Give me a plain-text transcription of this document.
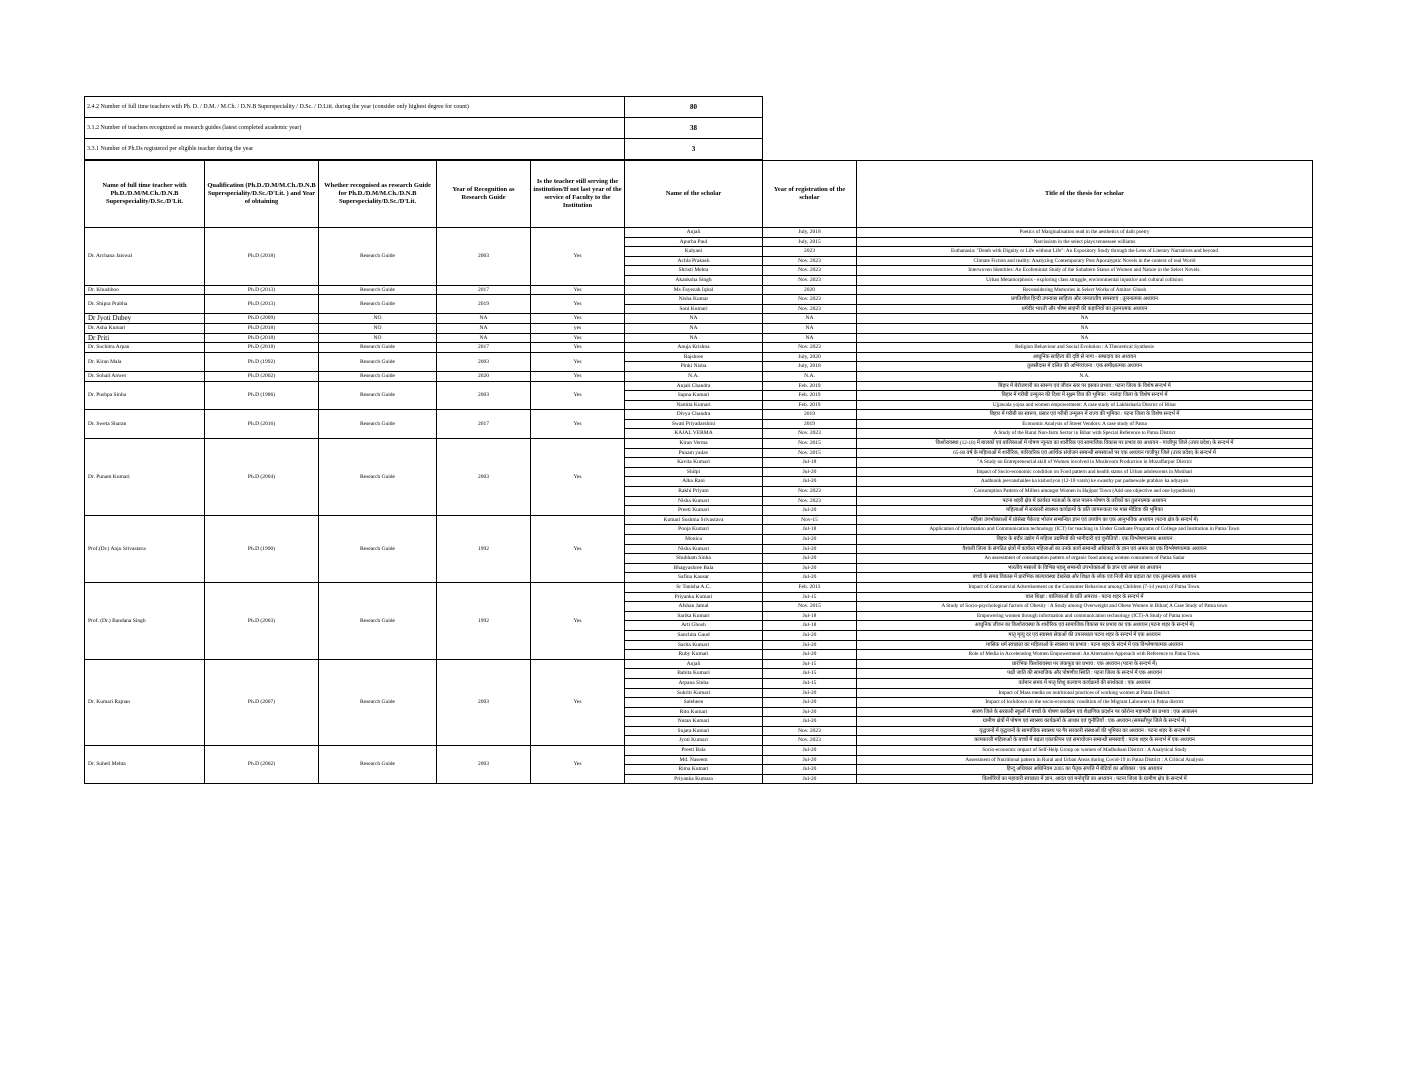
2.4.2 Number of full time teachers with Ph. D. / D.M. / M.Ch. / D.N.B Superspeciality / D.Sc. / D.Litt. during the year (consider only highest degree for count)	80	
3.1.2 Number of teachers recognized as research guides (latest completed academic year)	38	
3.3.1 Number of Ph.Ds registered per eligible teacher during the year	3	
Name of full time teacher with Ph.D./D.M/M.Ch./D.N.B Superspeciality/D.Sc./D'Lit.	Qualification (Ph.D./D.M/M.Ch./D.N.B Superspeciality/D.Sc./D'Lit. ) and Year of obtaining	Whether recognised as research Guide for Ph.D./D.M/M.Ch./D.N.B Superspeciality/D.Sc./D'Lit.	Year of Recognition as Research Guide	Is the teacher still serving the institution/If not last year of the service of Faculty to the Institution	Name of the scholar	Year of registration of the scholar	Title of the thesis for scholar
Dr. Archana Jaiswal	Ph.D (2018)	Research Guide	2003	Yes	Anjali	July, 2018	Poetics of Marginalisation read in the aesthetics of dalit poetry
					Apurba Paul	July, 2015	Narcissism in the select plays tennessee williams
					Kalyani	2023	Euthanasia: "Death with Dignity or Life without Life": An Expository Study through the Lens of Literary Narratives and beyond
					Achla Prakash	Nov. 2023	Climate Fiction and reality: Analyzing Contemporary Post Apocalyptic Novels in the context of real World
					Shristi Mehta	Nov. 2023	Interwoven Identities: An Ecofeminist Study of the Subaltern Status of Women and Nature in the Select Novels.
					Akanksha Singh	Nov. 2023	Urban Metamorphosis - exploring class struggle, environmental injustice and cultural collision
Dr. Khushboo	Ph.D (2013)	Research Guide	2017	Yes	Ms Fayezah Iqbal	2020	Reconsidering Memories in Select Works of Amitav Ghosh
Dr. Shipra Prabha	Ph.D (2013)	Research Guide	2019	Yes	Nisha Kumar	Nov. 2023	प्रगतिशील हिन्दी उपन्यास साहित्य और जनजातीय समस्याएं : तुलनात्मक अध्ययन
					Soni Kumari	Nov. 2023	धर्मवीर भारती और भीष्म साहनी की कहानियों का तुलनात्मक अध्ययन
Dr Jyoti Dubey	Ph.D (2009)	NO	NA	Yes	NA	NA	NA
Dr. Asha Kumari	Ph.D (2018)	NO	NA	yes	NA	NA	NA
Dr Priti	Ph.D (2018)	NO	NA	Yes	NA	NA	NA
Dr. Suchitra Arpan	Ph.D (2018)	Research Guide	2017	Yes	Anuja Krishna	Nov. 2023	Religion Behaviour and Social Evolution : A Theoretical Synthesis
Dr. Kiran Mala	Ph.D (1992)	Research Guide	2003	Yes	Rajshree	July, 2020	आधुनिक साहित्य की दृष्टि से नागा - सम्प्रदाय का अध्ययन
					Pinki Nisha	July, 2018	तुलसीदास में दलित की अभिव्यंजना : एक समीक्षात्मक अध्ययन
Dr. Sohail Anwer	Ph.D (2002)	Research Guide	2020	Yes	N.A.	N.A.	N.A.
Dr. Pushpa Sinha	Ph.D (1986)	Research Guide	2003	Yes	Anjali Chandra	Feb. 2019	बिहार में बेरोजगारी का स्वरूप एवं जीवन स्तर पर इसका प्रभाव : पटना जिला के विशेष सन्दर्भ में
					Sapna Kumari	Feb. 2019	बिहार में गरीबी उन्मूलन की दिशा में सूक्ष्म वित्त की भूमिका : नालंदा जिला के विशेष सन्दर्भ में
					Namita Kumari	Feb. 2019	Ujjawala yojna and women empowerment: A case study of Lakhisharia District of Bihar
Dr. Sweta Sharan	Ph.D (2016)	Research Guide	2017	Yes	Divya Chandra	2019	बिहार में गरीबी का स्वरूप, प्रसार एवं गरीबी उन्मूलन में राज्य की भूमिका : पटना जिला के विशेष सन्दर्भ में
					Swati Priyadarshini	2019	Economic Analysis of Street Vendors: A case study of Patna
					KAJAL VERMA	Nov. 2023	A Study of the Rural Non-farm Sector in Bihar with Special Reference to Patna District
Dr. Punam Kumari	Ph.D (2004)	Research Guide	2003	Yes	Kiran Verma	Nov. 2015	किशोरावस्था (12-18) में बालकों एवं बालिकाओं में पोषण न्यूनता का शारीरिक एवं सामाजिक विकास पर प्रभाव का अध्ययन - गाजीपुर जिले (उत्तर प्रदेश) के सन्दर्भ में
					Punam yadav	Nov. 2015	65-80 वर्ष के महिलाओं में शारीरिक, पारिवारिक एवं आर्थिक संयोजन सम्बन्धी समस्याओं पर एक अध्ययन गाजीपुर जिले (उत्तर प्रदेश) के सन्दर्भ में
					Kavita Kumari	Jul-18	"A Study on Entrepreneurial skill of Women involved in Mushroom Production in Muzaffarpur District
					Shilpi	Jul-20	Impact of Socio-economic condition on Food pattern and health status of Urban adolescents in Motihari
					Alka Rani	Jul-20	Aadhunik jeevanshailee ka kishoriyon (12-18 varsh) ke swasthy par padnewale prabhav ka adyayan
					Rakhi Priyam	Nov. 2023	Consumption Pattern of Millets amongst Women in Hajipur Town (Add one objective and one hypothesis)
					Nisha Kumari	Nov. 2023	पटना शहरी क्षेत्र में कार्यरत माताओं के बाल पालन-पोषण के तरीकों का तुलनात्मक अध्ययन
					Preeti Kumari	Jul-20	महिलाओं में सरकारी स्वास्थ्य कार्यक्रमों के प्रति जागरूकता पर मास मीडिया की भूमिका
Prof.(Dr.) Anju Srivastava	Ph.D (1990)	Research Guide	1992	Yes	Kumari Sushma Srivastava	Nov-15	महिला उपभोक्ताओं में प्रोसेस्ड पैकेज्ड भोजन सम्बन्धित ज्ञान एवं उपयोग का एक आनुभविक अध्ययन (पटना क्षेत्र के सन्दर्भ में)
					Pooja Kumari	Jul-18	Application of Information and Communication technology (ICT) for teaching in Under Graduate Programs of College and Institution in Patna Town
					Monica	Jul-20	बिहार के बंदीर उद्योग में महिला उद्यमियों की भागीदारी एवं चुनौतियाँ : एक विश्लेषणात्मक अध्ययन
					Nisha Kumari	Jul-20	वैशाली जिला के संगठित क्षेत्रों में कार्यरत महिलाओं का उनके कार्य सम्बन्धी अधिकारों के ज्ञान एवं अमल का एक विश्लेषणात्मक अध्ययन
					Shubham Sinha	Jul-20	An assessment of consumption pattern of organic food among women consumers of Patna Sadar
					Bhagyashree Bala	Jul-20	भारतीय मसालों के विभिन्न पहलू सम्बन्धी उपभोक्ताओं के ज्ञान एवं अमल का अध्ययन
					Safina Kausar	Jul-20	बच्चों के समग्र विकास में प्रारंभिक बाल्यावस्था देखरेख और शिक्षा के लोक एवं निजी सेवा प्रदाता का एक तुलनात्मक अध्ययन
Prof. (Dr.) Bandana Singh	Ph.D (2003)	Research Guide	1992	Yes	Sr Tanisha A.C.	Feb. 2013	Impact of Commercial Advertisement on the Consumer Behaviour among Children (7-14 years) of Patna Town.
					Priyanka Kumari	Jul-15	बाल शिक्षा : बालिकाओं के प्रति अपराध - पटना शहर के सन्दर्भ में
					Afshan Jamal	Nov. 2015	A Study of Socio-psychological factors of Obesity : A Study among Overweight and Obese Women in Bihar( A Case Study of Patna town
					Sarika Kumari	Jul-18	Empowering women through information and communication technology (ICT)-A Study of Patna town
					Arti Ghosh	Jul-18	आधुनिक जीवन का किशोरावस्था के शारीरिक एवं सामाजिक विकास पर प्रभाव का एक अध्ययन (पटना शहर के सन्दर्भ में)
					Sanchita Gaud	Jul-20	मातृ मृत्यु दर एवं स्वास्थ्य सेवाओं की उपलब्धता पटना शहर के सन्दर्भ में एक अध्ययन
					Sarita Kumari	Jul-20	मासिक धर्म स्वच्छता का महिलाओं के स्वास्थ्य पर प्रभाव : पटना शहर के संदर्भ में एक विश्लेषणात्मक अध्ययन
					Ruby Kumari	Jul-20	Role of Media in Accelerating Women Empowerment: An Alternative Approach with Reference to Patna Town.
Dr. Kumari Rajnan	Ph.D (2007)	Research Guide	2003	Yes	Anjali	Jul-15	प्रारंभिक किशोरावस्था पर जंकफूड का प्रभाव : एक अध्ययन (पटना के सन्दर्भ में)
					Babita Kumari	Jul-15	पक्षी जाति की सामाजिक और पोषणीय स्थिति : पटना जिला के सन्दर्भ में एक अध्ययन
					Arpana Sinha	Jul-15	वर्तमान समय में मातृ शिशु कल्याण कार्यक्रमों की सार्थकता : एक अध्ययन
					Sukriti Kumari	Jul-20	Impact of Mass media on nutritional practices of working women at Patna District.
					Saleheen	Jul-20	Impact of lockdown on the socio-economic condition of the Migrant Labourers in Patna district
					Ritu Kumari	Jul-20	सारण जिले के सरकारी स्कूलों में बच्चों के पोषण कार्यक्रम एवं शैक्षणिक प्रदर्शन पर कोरोना महामारी का प्रभाव : एक आकलन
					Nutan Kumari	Jul-20	ग्रामीण क्षेत्रों में पोषण एवं स्वास्थ्य कार्यक्रमों के आधार एवं चुनौतियाँ : एक अध्ययन (समस्तीपुर जिले के सन्दर्भ में)
					Sujata Kumari	Nov. 2023	वृद्धजनों में वृद्धजनों के सामाजिक स्वास्थ्य पर गैर सरकारी संस्थाओं की भूमिका का अध्ययन : पटना शहर के सन्दर्भ में
					Jyoti Kumari	Nov. 2023	कामकाजी महिलाओं के बच्चों में बढ़ता एकाकीपन एवं समायोजन सम्बन्धी समस्याएँ : पटना शहर के सन्दर्भ में एक अध्ययन
Dr. Suheli Mehta	Ph.D (2002)	Research Guide	2003	Yes	Preeti Bala	Jul-20	Socio-economic impact of Self-Help Group on women of Madhubani District : A Analytical Study
					Md. Naseem	Jul-20	Assessment of Nutritional pattern in Rural and Urban Areas during Covid-19 in Patna District : A Critical Analysis
					Rima Kumari	Jul-20	हिन्दू अधिकार अधिनियम 2005 का पैतृक संपत्ति में बेटियों का अधिकार : एक अध्ययन
					Priyanka Kumara	Jul-20	किशोरियों का महावारी स्वच्छता में ज्ञान, आदत एवं मनोवृत्ति का अध्ययन : पटना जिला के ग्रामीण क्षेत्र के सन्दर्भ में
